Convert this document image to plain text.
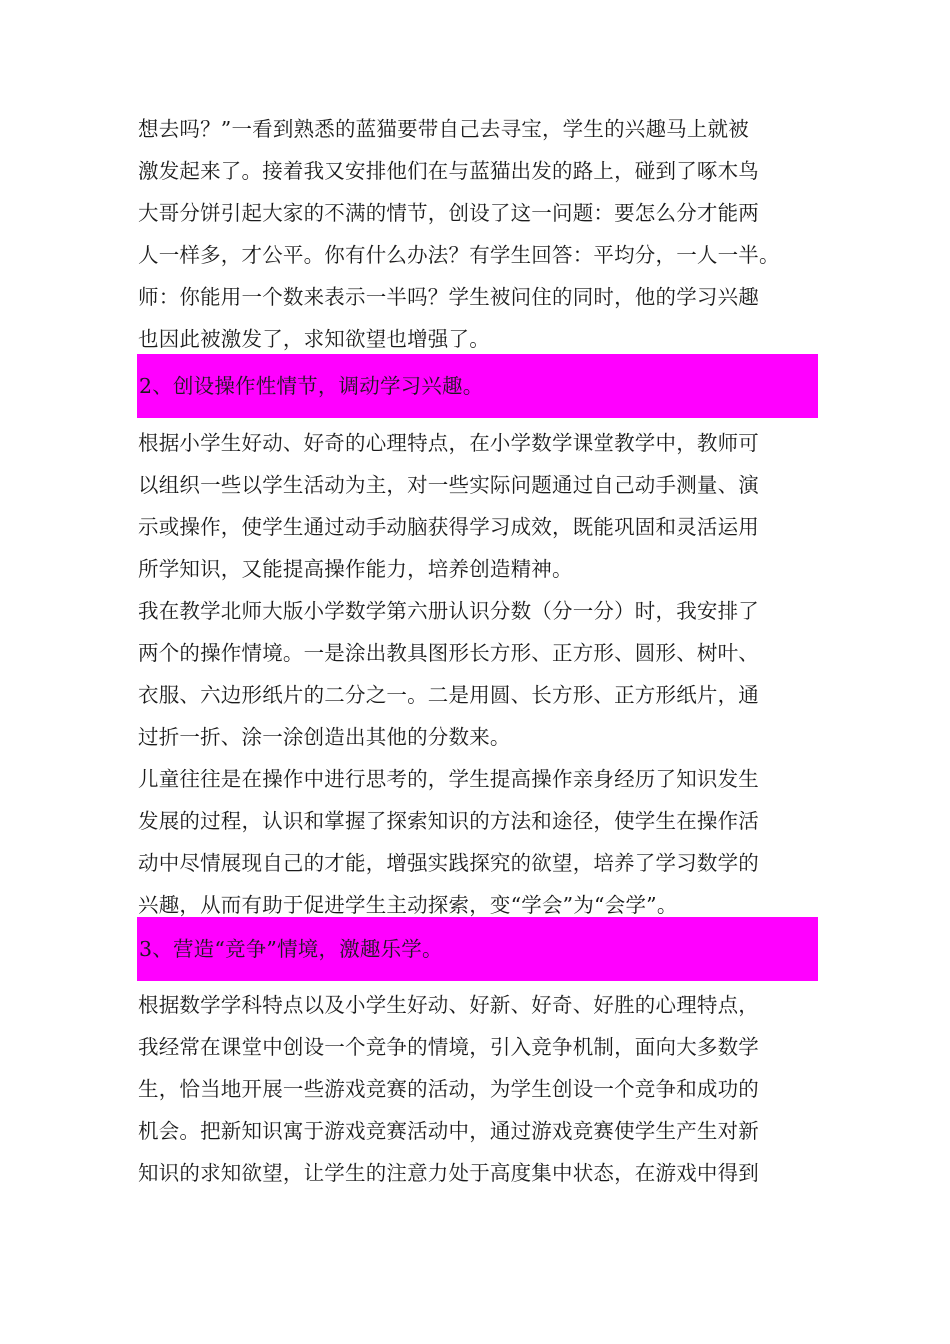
想去吗？”一看到熟悉的蓝猫要带自己去寻宝，学生的兴趣马上就被
激发起来了。接着我又安排他们在与蓝猫出发的路上，碰到了啄木鸟
大哥分饼引起大家的不满的情节，创设了这一问题：要怎么分才能两
人一样多，才公平。你有什么办法？有学生回答：平均分，一人一半。
师：你能用一个数来表示一半吗？学生被问住的同时，他的学习兴趣
也因此被激发了，求知欲望也增强了。
2、创设操作性情节，调动学习兴趣。
根据小学生好动、好奇的心理特点，在小学数学课堂教学中，教师可
以组织一些以学生活动为主，对一些实际问题通过自己动手测量、演
示或操作，使学生通过动手动脑获得学习成效，既能巩固和灵活运用
所学知识，又能提高操作能力，培养创造精神。
我在教学北师大版小学数学第六册认识分数（分一分）时，我安排了
两个的操作情境。一是涂出教具图形长方形、正方形、圆形、树叶、
衣服、六边形纸片的二分之一。二是用圆、长方形、正方形纸片，通
过折一折、涂一涂创造出其他的分数来。
儿童往往是在操作中进行思考的，学生提高操作亲身经历了知识发生
发展的过程，认识和掌握了探索知识的方法和途径，使学生在操作活
动中尽情展现自己的才能，增强实践探究的欲望，培养了学习数学的
兴趣，从而有助于促进学生主动探索，变“学会”为“会学”。
3、营造“竞争”情境，激趣乐学。
根据数学学科特点以及小学生好动、好新、好奇、好胜的心理特点，
我经常在课堂中创设一个竞争的情境，引入竞争机制，面向大多数学
生，恰当地开展一些游戏竞赛的活动，为学生创设一个竞争和成功的
机会。把新知识寓于游戏竞赛活动中，通过游戏竞赛使学生产生对新
知识的求知欲望，让学生的注意力处于高度集中状态，在游戏中得到
